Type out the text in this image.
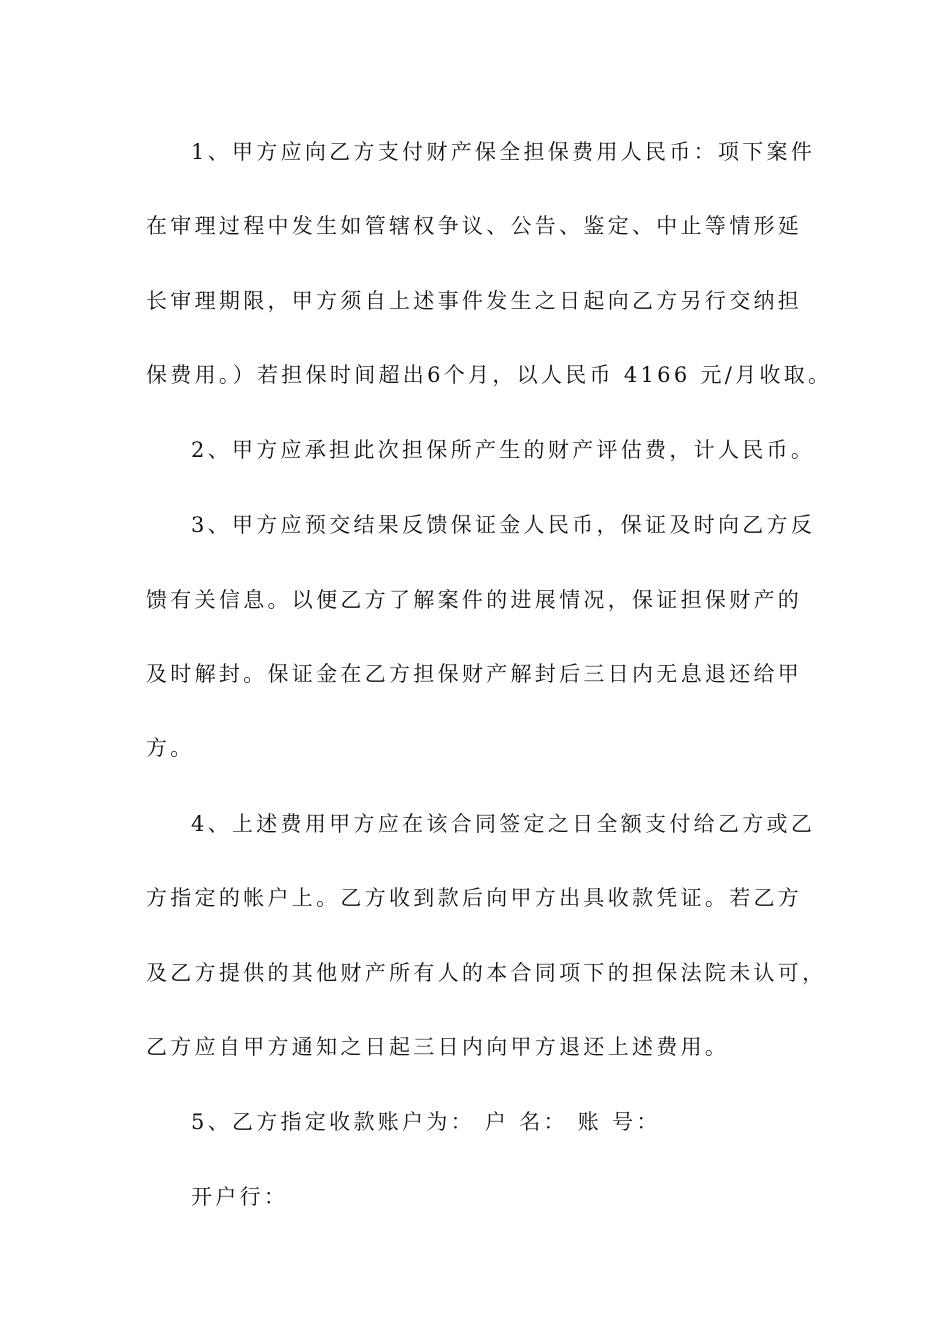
1、甲方应向乙方支付财产保全担保费用人民币：项下案件
在审理过程中发生如管辖权争议、公告、鉴定、中止等情形延
长审理期限，甲方须自上述事件发生之日起向乙方另行交纳担
保费用。）若担保时间超出6个月，以人民币 4166 元/月收取。
2、甲方应承担此次担保所产生的财产评估费，计人民币。
3、甲方应预交结果反馈保证金人民币，保证及时向乙方反
馈有关信息。以便乙方了解案件的进展情况，保证担保财产的
及时解封。保证金在乙方担保财产解封后三日内无息退还给甲
方。
4、上述费用甲方应在该合同签定之日全额支付给乙方或乙
方指定的帐户上。乙方收到款后向甲方出具收款凭证。若乙方
及乙方提供的其他财产所有人的本合同项下的担保法院未认可，
乙方应自甲方通知之日起三日内向甲方退还上述费用。
5、乙方指定收款账户为： 户 名： 账 号：
开户行：
